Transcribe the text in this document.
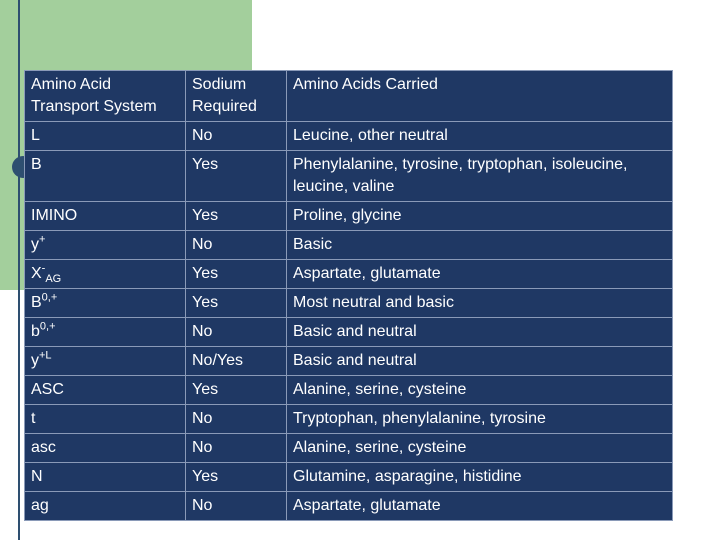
Amino Acid Transport System	Sodium Required	Amino Acids Carried
L	No	Leucine, other neutral
B	Yes	Phenylalanine, tyrosine, tryptophan, isoleucine, leucine, valine
IMINO	Yes	Proline, glycine
y+	No	Basic
$X^-_{AG}$	Yes	Aspartate, glutamate
$B^{0,+}$	Yes	Most neutral and basic
$b^{0,+}$	No	Basic and neutral
$y^{+L}$	No/Yes	Basic and neutral
ASC	Yes	Alanine, serine, cysteine
t	No	Tryptophan, phenylalanine, tyrosine
asc	No	Alanine, serine, cysteine
N	Yes	Glutamine, asparagine, histidine
ag	No	Aspartate, glutamate
